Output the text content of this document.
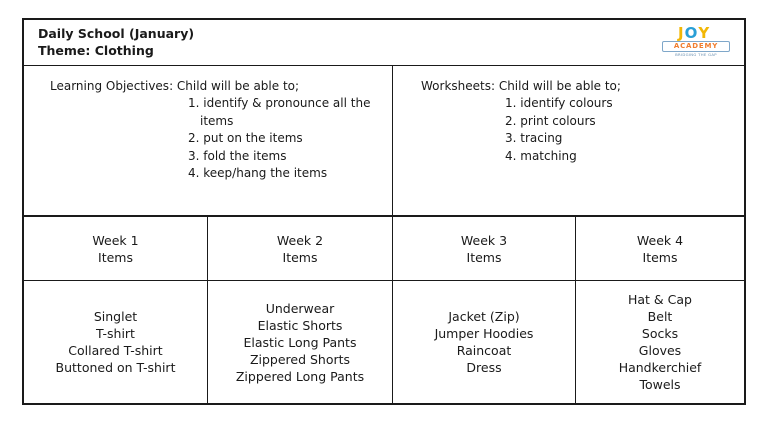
Daily School (January)
Theme: Clothing
JOY
ACADEMY
BRIDGING THE GAP
Learning Objectives: Child will be able to;
1. identify & pronounce all the items
2. put on the items
3. fold the items
4. keep/hang the items
Worksheets: Child will be able to;
1. identify colours
2. print colours
3. tracing
4. matching
Week 1
Items
Week 2
Items
Week 3
Items
Week 4
Items
Singlet
T-shirt
Collared T-shirt
Buttoned on T-shirt
Underwear
Elastic Shorts
Elastic Long Pants
Zippered Shorts
Zippered Long Pants
Jacket (Zip)
Jumper Hoodies
Raincoat
Dress
Hat & Cap
Belt
Socks
Gloves
Handkerchief
Towels
